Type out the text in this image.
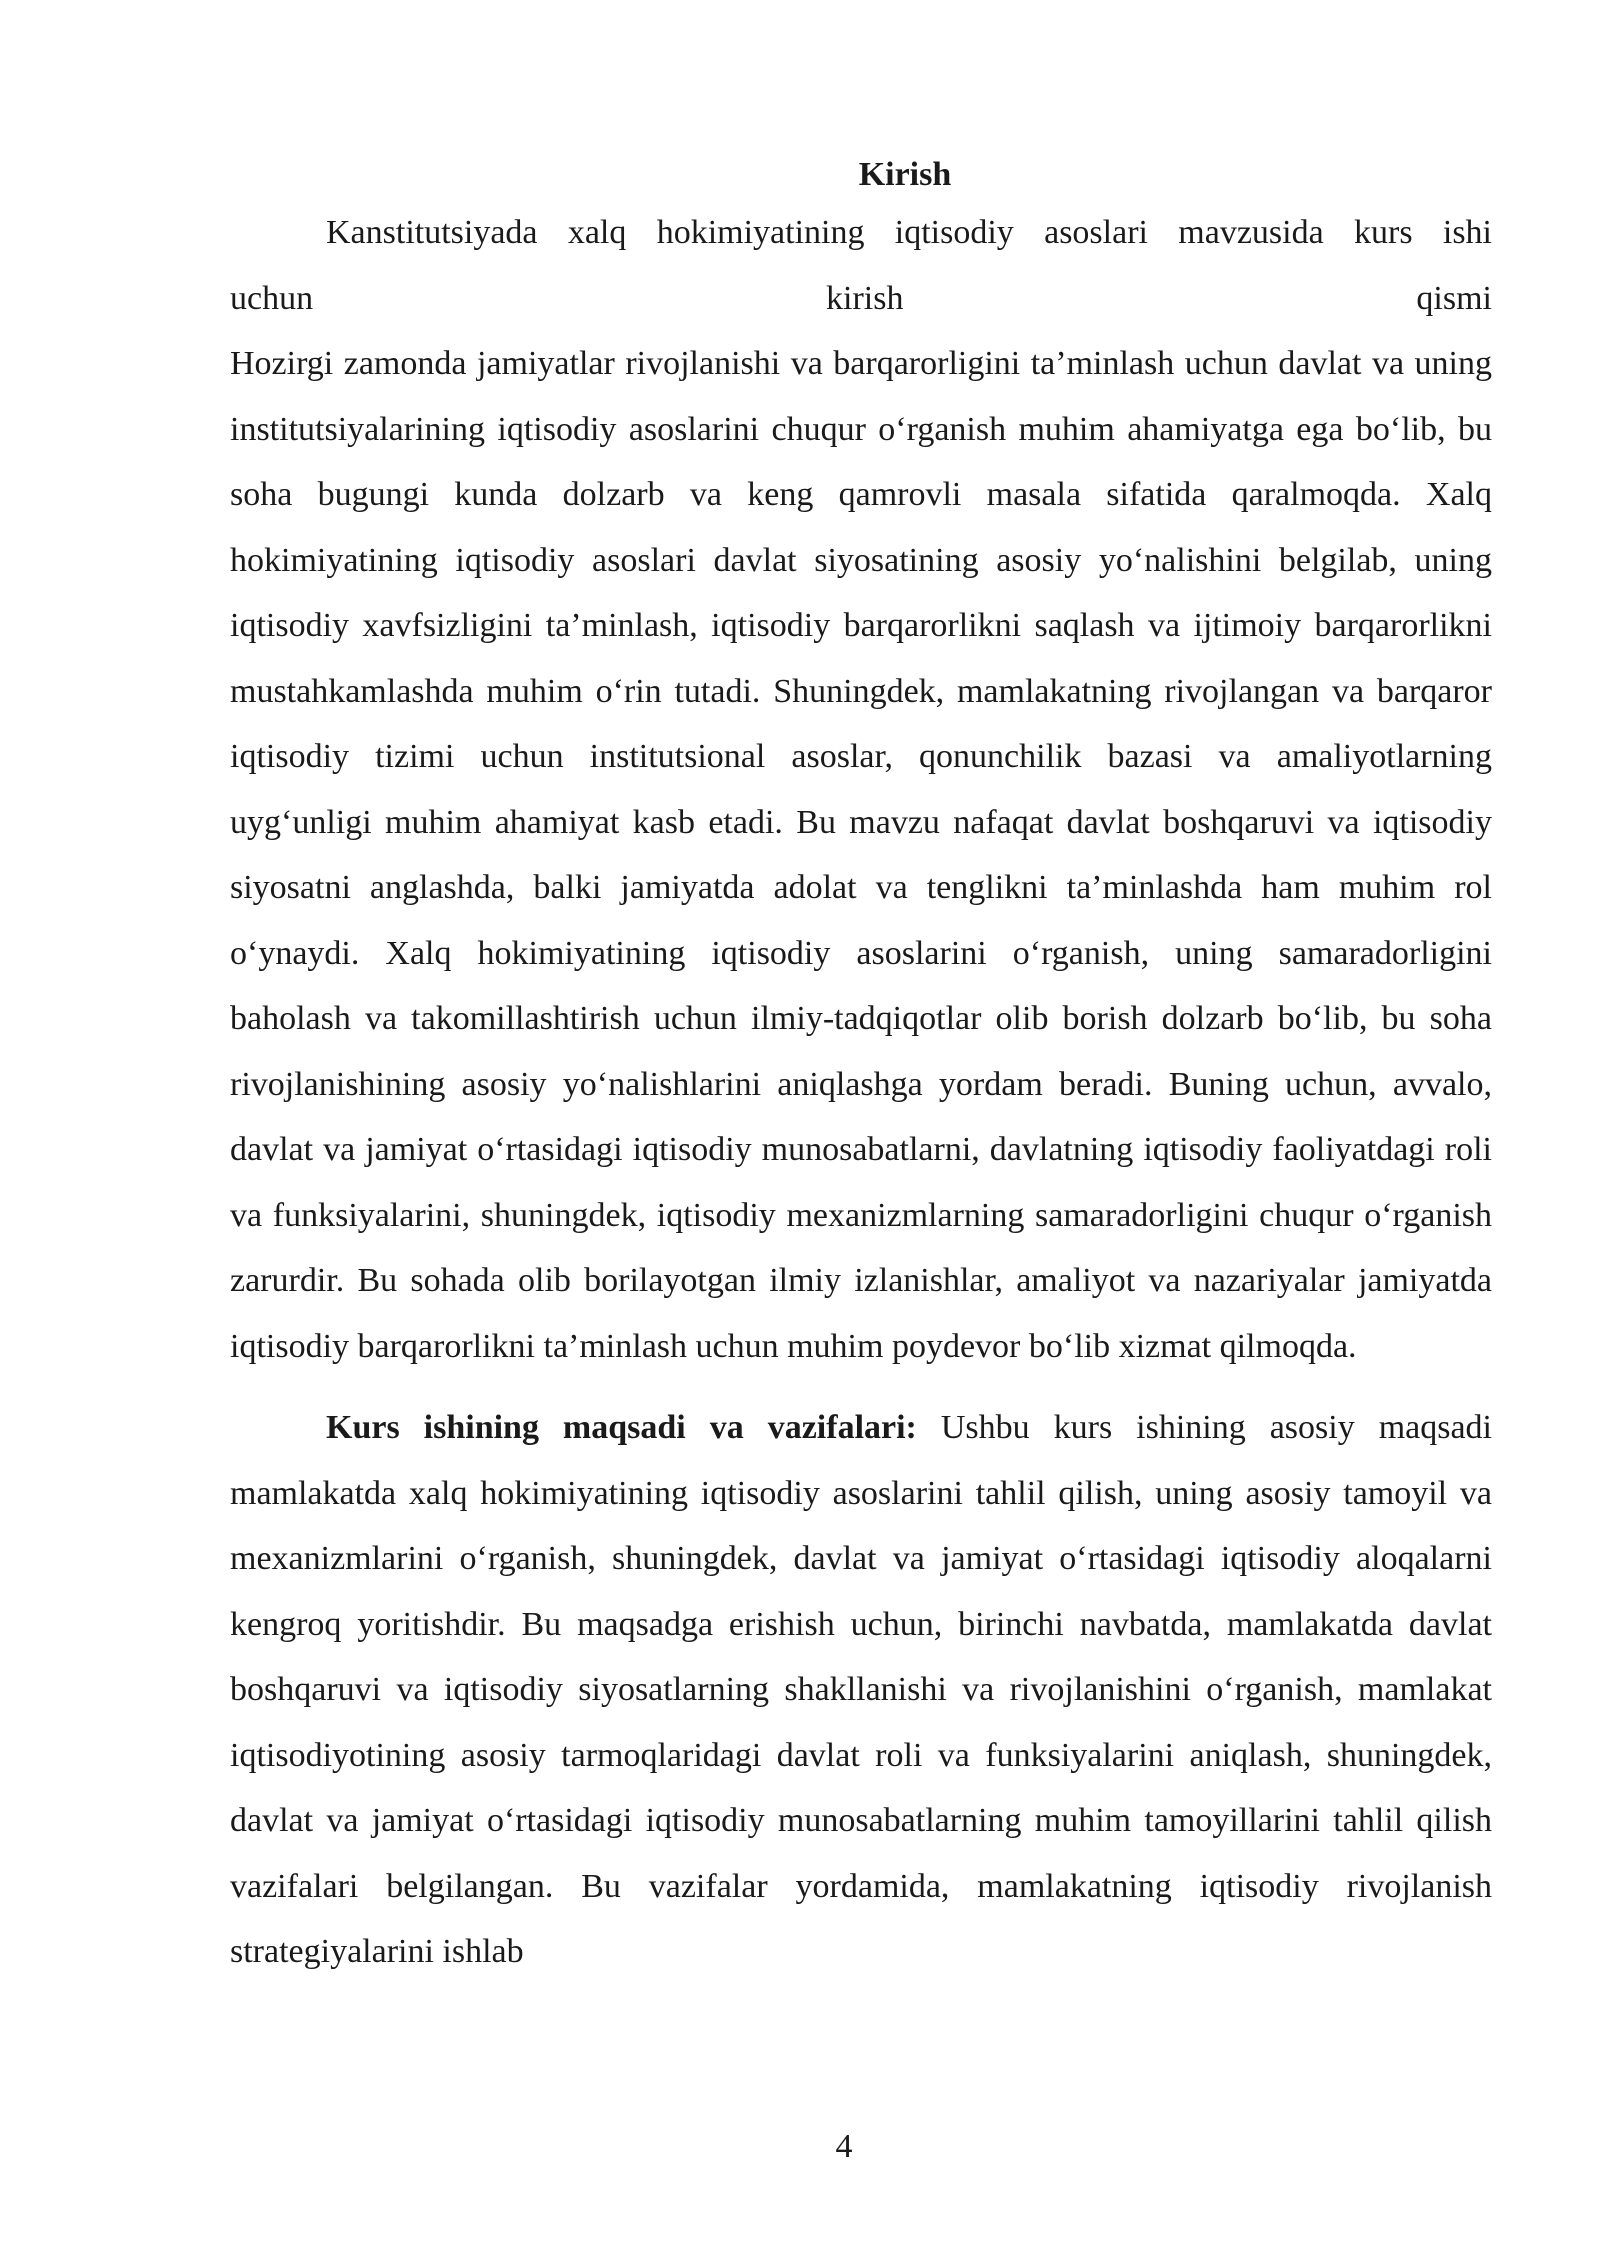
Kirish

Kanstitutsiyada xalq hokimiyatining iqtisodiy asoslari mavzusida kurs ishi

uchun	kirish	qismi

Hozirgi zamonda jamiyatlar rivojlanishi va barqarorligini ta’minlash uchun davlat va uning institutsiyalarining iqtisodiy asoslarini chuqur o‘rganish muhim ahamiyatga ega bo‘lib, bu soha bugungi kunda dolzarb va keng qamrovli masala sifatida qaralmoqda. Xalq hokimiyatining iqtisodiy asoslari davlat siyosatining asosiy yo‘nalishini belgilab, uning iqtisodiy xavfsizligini ta’minlash, iqtisodiy barqarorlikni saqlash va ijtimoiy barqarorlikni mustahkamlashda muhim o‘rin tutadi. Shuningdek, mamlakatning rivojlangan va barqaror iqtisodiy tizimi uchun institutsional asoslar, qonunchilik bazasi va amaliyotlarning uyg‘unligi muhim ahamiyat kasb etadi. Bu mavzu nafaqat davlat boshqaruvi va iqtisodiy siyosatni anglashda, balki jamiyatda adolat va tenglikni ta’minlashda ham muhim rol o‘ynaydi. Xalq hokimiyatining iqtisodiy asoslarini o‘rganish, uning samaradorligini baholash va takomillashtirish uchun ilmiy-tadqiqotlar olib borish dolzarb bo‘lib, bu soha rivojlanishining asosiy yo‘nalishlarini aniqlashga yordam beradi. Buning uchun, avvalo, davlat va jamiyat o‘rtasidagi iqtisodiy munosabatlarni, davlatning iqtisodiy faoliyatdagi roli va funksiyalarini, shuningdek, iqtisodiy mexanizmlarning samaradorligini chuqur o‘rganish zarurdir. Bu sohada olib borilayotgan ilmiy izlanishlar, amaliyot va nazariyalar jamiyatda iqtisodiy barqarorlikni ta’minlash uchun muhim poydevor bo‘lib xizmat qilmoqda.

Kurs ishining maqsadi va vazifalari: Ushbu kurs ishining asosiy maqsadi mamlakatda xalq hokimiyatining iqtisodiy asoslarini tahlil qilish, uning asosiy tamoyil va mexanizmlarini o‘rganish, shuningdek, davlat va jamiyat o‘rtasidagi iqtisodiy aloqalarni kengroq yoritishdir. Bu maqsadga erishish uchun, birinchi navbatda, mamlakatda davlat boshqaruvi va iqtisodiy siyosatlarning shakllanishi va rivojlanishini o‘rganish, mamlakat iqtisodiyotining asosiy tarmoqlaridagi davlat roli va funksiyalarini aniqlash, shuningdek, davlat va jamiyat o‘rtasidagi iqtisodiy munosabatlarning muhim tamoyillarini tahlil qilish vazifalari belgilangan. Bu vazifalar yordamida, mamlakatning iqtisodiy rivojlanish strategiyalarini ishlab

4
